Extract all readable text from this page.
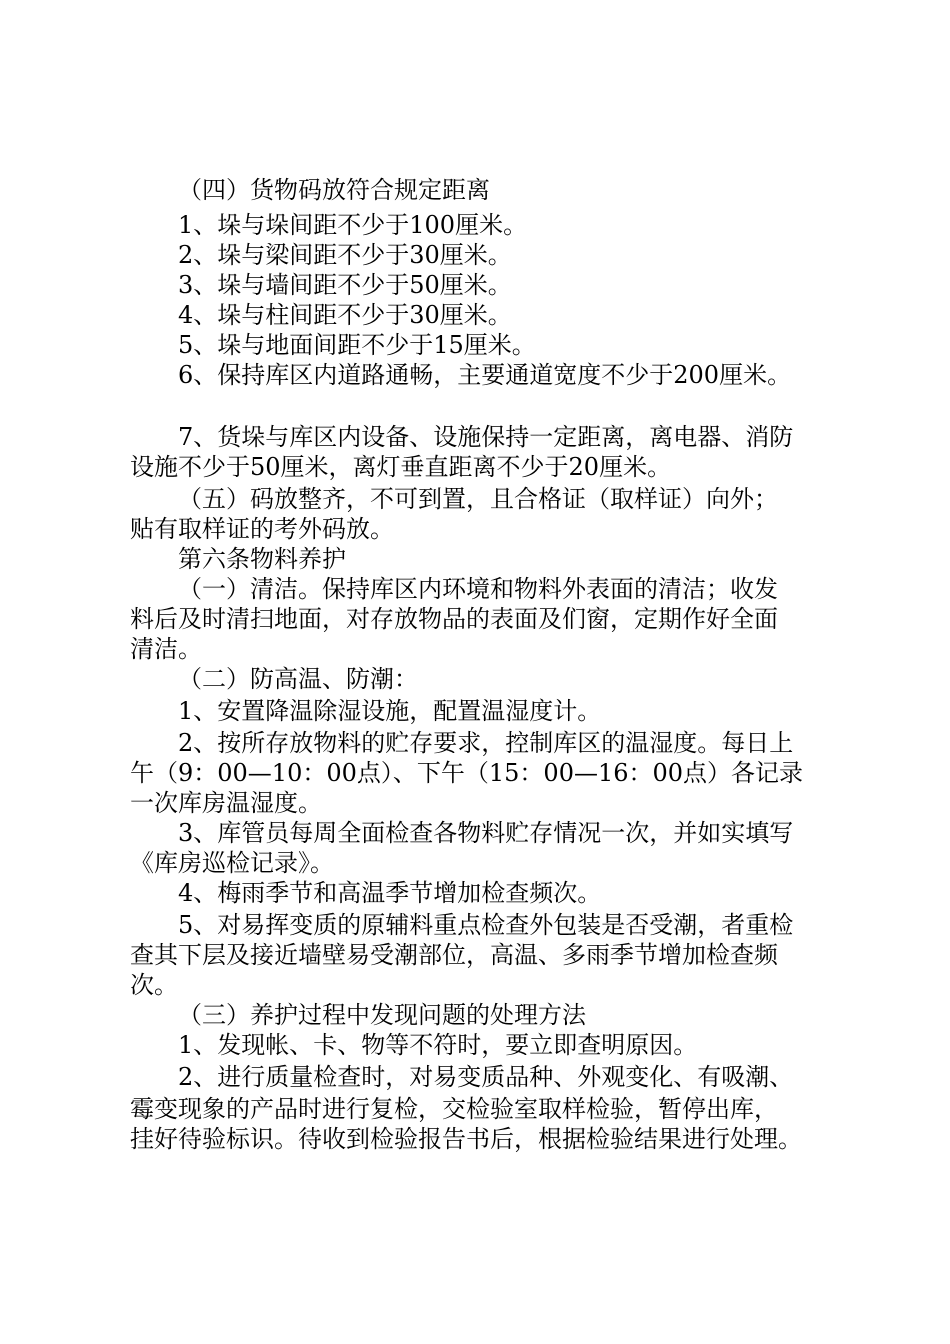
（四）货物码放符合规定距离
1、垛与垛间距不少于100厘米。
2、垛与梁间距不少于30厘米。
3、垛与墙间距不少于50厘米。
4、垛与柱间距不少于30厘米。
5、垛与地面间距不少于15厘米。
6、保持库区内道路通畅，主要通道宽度不少于200厘米。
7、货垛与库区内设备、设施保持一定距离，离电器、消防
设施不少于50厘米，离灯垂直距离不少于20厘米。
（五）码放整齐，不可到置，且合格证（取样证）向外；
贴有取样证的考外码放。
第六条物料养护
（一）清洁。保持库区内环境和物料外表面的清洁；收发
料后及时清扫地面，对存放物品的表面及们窗，定期作好全面
清洁。
（二）防高温、防潮：
1、安置降温除湿设施，配置温湿度计。
2、按所存放物料的贮存要求，控制库区的温湿度。每日上
午（9：00—10：00点）、下午（15：00—16：00点）各记录
一次库房温湿度。
3、库管员每周全面检查各物料贮存情况一次，并如实填写
《库房巡检记录》。
4、梅雨季节和高温季节增加检查频次。
5、对易挥变质的原辅料重点检查外包装是否受潮，者重检
查其下层及接近墙壁易受潮部位，高温、多雨季节增加检查频
次。
（三）养护过程中发现问题的处理方法
1、发现帐、卡、物等不符时，要立即查明原因。
2、进行质量检查时，对易变质品种、外观变化、有吸潮、
霉变现象的产品时进行复检，交检验室取样检验，暂停出库，
挂好待验标识。待收到检验报告书后，根据检验结果进行处理。
